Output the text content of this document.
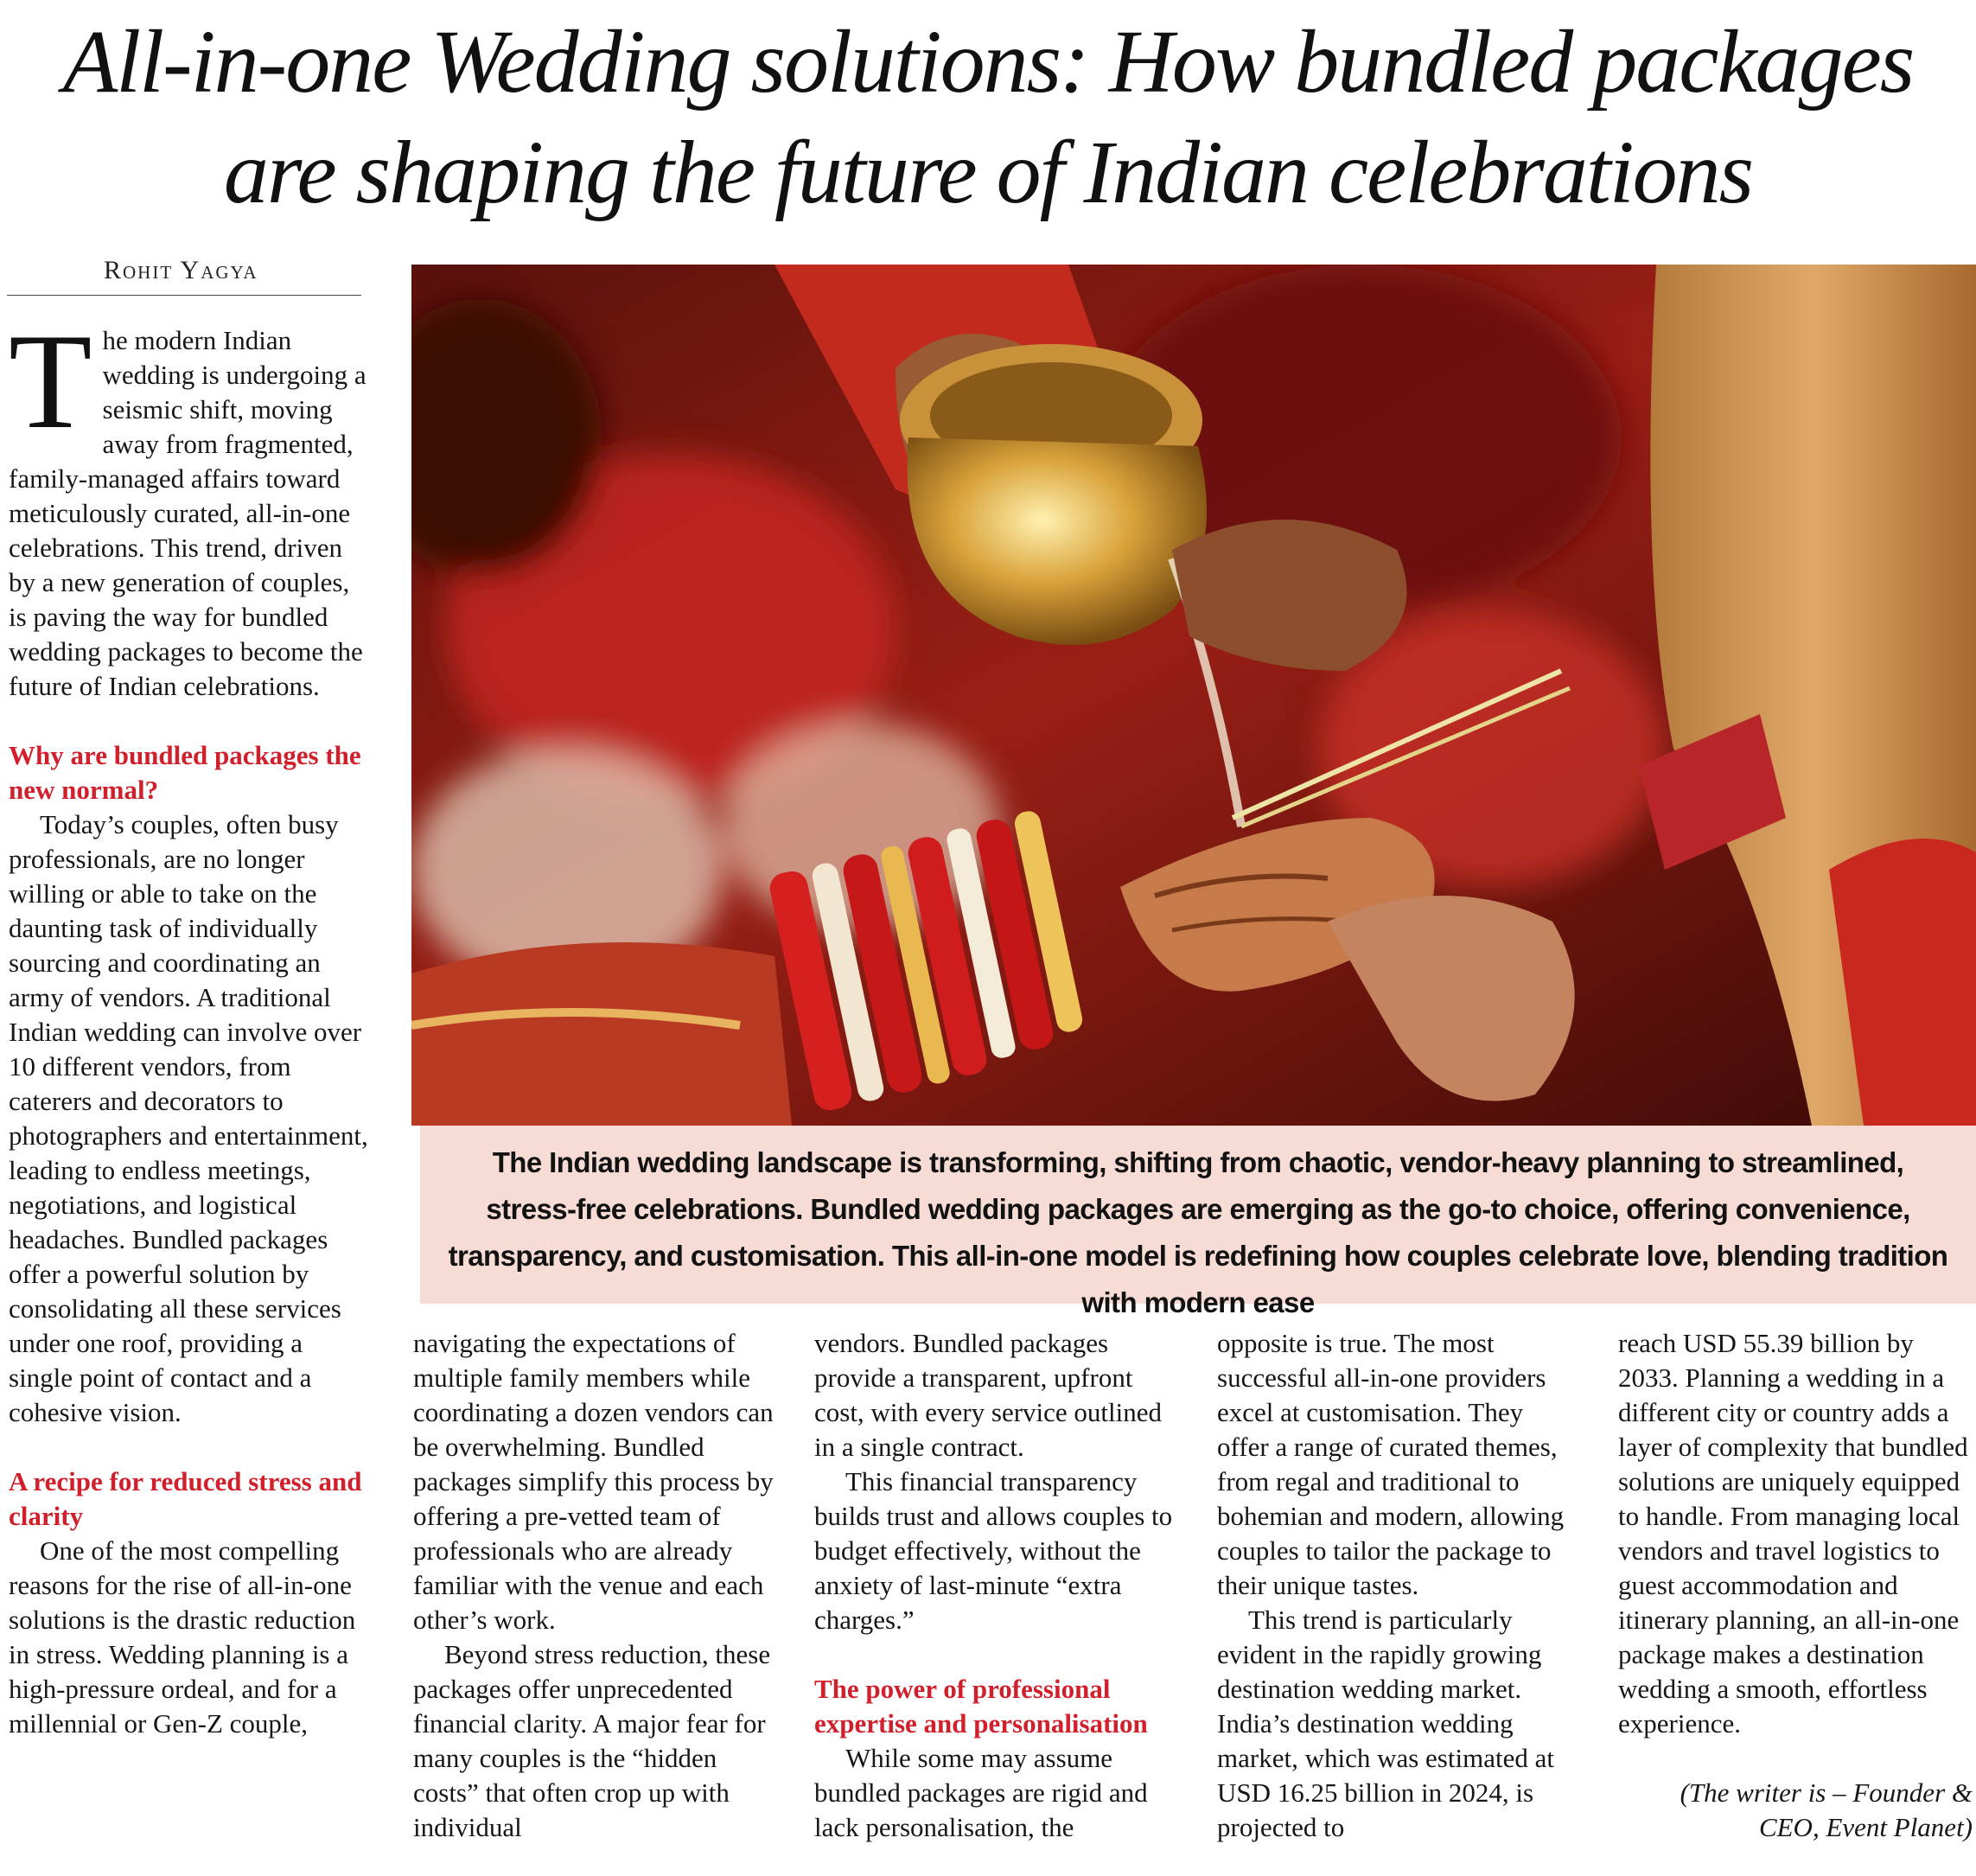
All-in-one Wedding solutions: How bundled packages
are shaping the future of Indian celebrations
Rohit Yagya
The Indian wedding landscape is transforming, shifting from chaotic, vendor-heavy planning to streamlined, stress-free celebrations. Bundled wedding packages are emerging as the go-to choice, offering convenience, transparency, and customisation. This all-in-one model is redefining how couples celebrate love, blending tradition with modern ease

T he modern Indian wedding is undergoing a seismic shift, moving away from fragmented, family-managed affairs toward meticulously curated, all-in-one celebrations. This trend, driven by a new generation of couples, is paving the way for bundled wedding packages to become the future of Indian celebrations.

Why are bundled packages the new normal?

Today’s couples, often busy professionals, are no longer willing or able to take on the daunting task of individually sourcing and coordinating an army of vendors. A traditional Indian wedding can involve over 10 different vendors, from caterers and decorators to photographers and entertainment, leading to endless meetings, negotiations, and logistical headaches. Bundled packages offer a powerful solution by consolidating all these services under one roof, providing a single point of contact and a cohesive vision.

A recipe for reduced stress and clarity

One of the most compelling reasons for the rise of all-in-one solutions is the drastic reduction in stress. Wedding planning is a high-pressure ordeal, and for a millennial or Gen-Z couple,

navigating the expectations of multiple family members while coordinating a dozen vendors can be overwhelming. Bundled packages simplify this process by offering a pre-vetted team of professionals who are already familiar with the venue and each other’s work.

Beyond stress reduction, these packages offer unprecedented financial clarity. A major fear for many couples is the “hidden costs” that often crop up with individual

vendors. Bundled packages provide a transparent, upfront cost, with every service outlined in a single contract.

This financial transparency builds trust and allows couples to budget effectively, without the anxiety of last-minute “extra charges.”

The power of professional expertise and personalisation

While some may assume bundled packages are rigid and lack personalisation, the

opposite is true. The most successful all-in-one providers excel at customisation. They offer a range of curated themes, from regal and traditional to bohemian and modern, allowing couples to tailor the package to their unique tastes.

This trend is particularly evident in the rapidly growing destination wedding market. India’s destination wedding market, which was estimated at USD 16.25 billion in 2024, is projected to

reach USD 55.39 billion by 2033. Planning a wedding in a different city or country adds a layer of complexity that bundled solutions are uniquely equipped to handle. From managing local vendors and travel logistics to guest accommodation and itinerary planning, an all-in-one package makes a destination wedding a smooth, effortless experience.

(The writer is – Founder & CEO, Event Planet)
